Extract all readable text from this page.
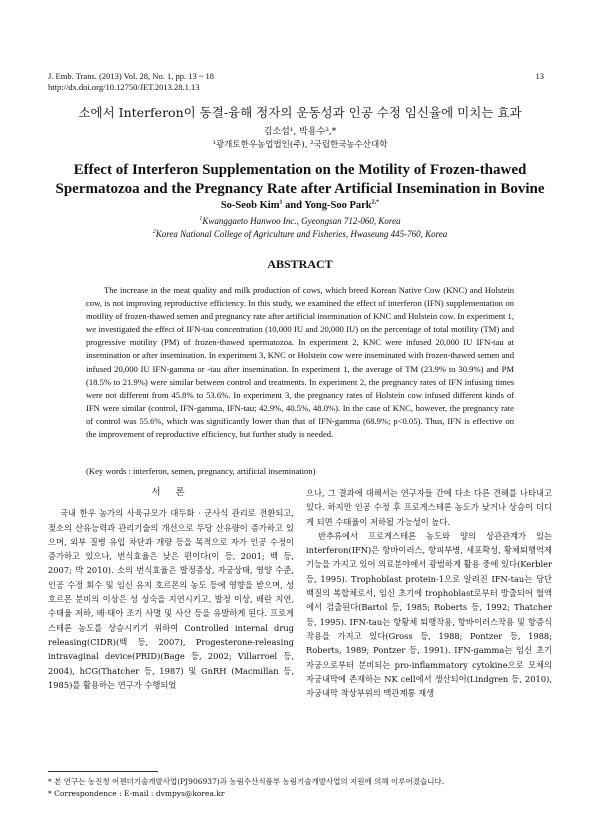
J. Emb. Trans. (2013) Vol. 28, No. 1, pp. 13 ~ 18
http://dx.doi.org/10.12750/JET.2013.28.1.13
13
소에서 Interferon이 동결-융해 정자의 운동성과 인공 수정 임신율에 미치는 효과
김소섭¹, 박용수²,*
¹광개토한우농업법인(주), ²국립한국농수산대학
Effect of Interferon Supplementation on the Motility of Frozen-thawed
Spermatozoa and the Pregnancy Rate after Artificial Insemination in Bovine
So-Seob Kim$^1$ and Yong-Soo Park$^{2,*}$
$^1$Kwanggaeto Hanwoo Inc., Gyeongsan 712-060, Korea
$^2$Korea National College of Agriculture and Fisheries, Hwaseung 445-760, Korea
ABSTRACT

The increase in the meat quality and milk production of cows, which breed Korean Native Cow (KNC) and Holstein cow, is not improving reproductive efficiency. In this study, we examined the effect of interferon (IFN) supplementation on motility of frozen-thawed semen and pregnancy rate after artificial insemination of KNC and Holstein cow. In experiment 1, we investigated the effect of IFN-tau concentration (10,000 IU and 20,000 IU) on the percentage of total motility (TM) and progressive motility (PM) of frozen-thawed spermatozoa. In experiment 2, KNC were infused 20,000 IU IFN-tau at insemination or after insemination. In experiment 3, KNC or Holstein cow were inseminated with frozen-thawed semen and infused 20,000 IU IFN-gamma or -tau after insemination. In experiment 1, the average of TM (23.9% to 30.9%) and PM (18.5% to 21.9%) were similar between control and treatments. In experiment 2, the pregnancy rates of IFN infusing times were not different from 45.8% to 53.6%. In experiment 3, the pregnancy rates of Holstein cow infused different kinds of IFN were similar (control, IFN-gamma, IFN-tau; 42.9%, 40.5%, 48.0%). In the case of KNC, however, the pregnancy rate of control was 55.6%, which was significantly lower than that of IFN-gamma (68.9%; p<0.05). Thus, IFN is effective on the improvement of reproductive efficiency, but further study is needed.

(Key words : interferon, semen, pregnancy, artificial insemination)
서 론

국내 한우 농가의 사육규모가 대두화 · 군사식 관리로 전환되고, 젖소의 산유능력과 관리기술의 개선으로 두당 산유량이 증가하고 있으며, 외부 질병 유입 차단과 개량 등을 목적으로 자가 인공 수정이 증가하고 있으나, 번식효율은 낮은 편이다(이 등, 2001; 백 등, 2007; 박 2010). 소의 번식효율은 발정증상, 자궁상태, 영양 수준, 인공 수정 회수 및 임신 유지 호르몬의 농도 등에 영향을 받으며, 성 호르몬 분비의 이상은 성 성숙을 지연시키고, 발정 이상, 배란 지연, 수태율 저하, 배·태아 조기 사멸 및 사산 등을 유발하게 된다. 프로게스테론 농도를 상승시키기 위하여 Controlled internal drug releasing(CIDR)(백 등, 2007), Progesterone-releasing intravaginal device(PRID)(Bage 등, 2002; Villarroel 등, 2004), hCG(Thatcher 등, 1987) 및 GnRH (Macmillan 등, 1985)를 활용하는 연구가 수행되었

으나, 그 결과에 대해서는 연구자들 간에 다소 다른 견해를 나타내고 있다. 하지만 인공 수정 후 프로게스테론 농도가 낮거나 상승이 더디게 되면 수태율이 저하될 가능성이 높다.

반추류에서 프로게스테론 농도와 양의 상관관계가 있는 interferon(IFN)은 항바이러스, 항피부병, 세포확성, 황체퇴행억제 기능을 가지고 있어 의료분야에서 광범하게 활용 중에 있다(Kerbler 등, 1995). Trophoblast protein-1으로 알려진 IFN-tau는 당단백질의 복합체로서, 임신 초기에 trophoblast로부터 방출되어 혈액에서 검출된다(Bartol 등, 1985; Roberts 등, 1992; Thatcher 등, 1995). IFN-tau는 항황체 퇴행작용, 항바이러스작용 및 항증식작용을 가지고 있다(Gross 등, 1988; Pontzer 등, 1988; Roberts, 1989; Pontzer 등, 1991). IFN-gamma는 임신 초기 자궁으로부터 분비되는 pro-inflammatory cytokine으로 모체의 자궁내막에 존재하는 NK cell에서 생산되어(Lindgren 등, 2010), 자궁내막 착상부위의 맥관계통 재생

* 본 연구는 농진청 어젠더기술개발사업(PJ906937)과 농림수산식품부 농림기술개발사업의 지원에 의해 이루어졌습니다.
* Correspondence : E-mail : dvmpys@korea.kr
